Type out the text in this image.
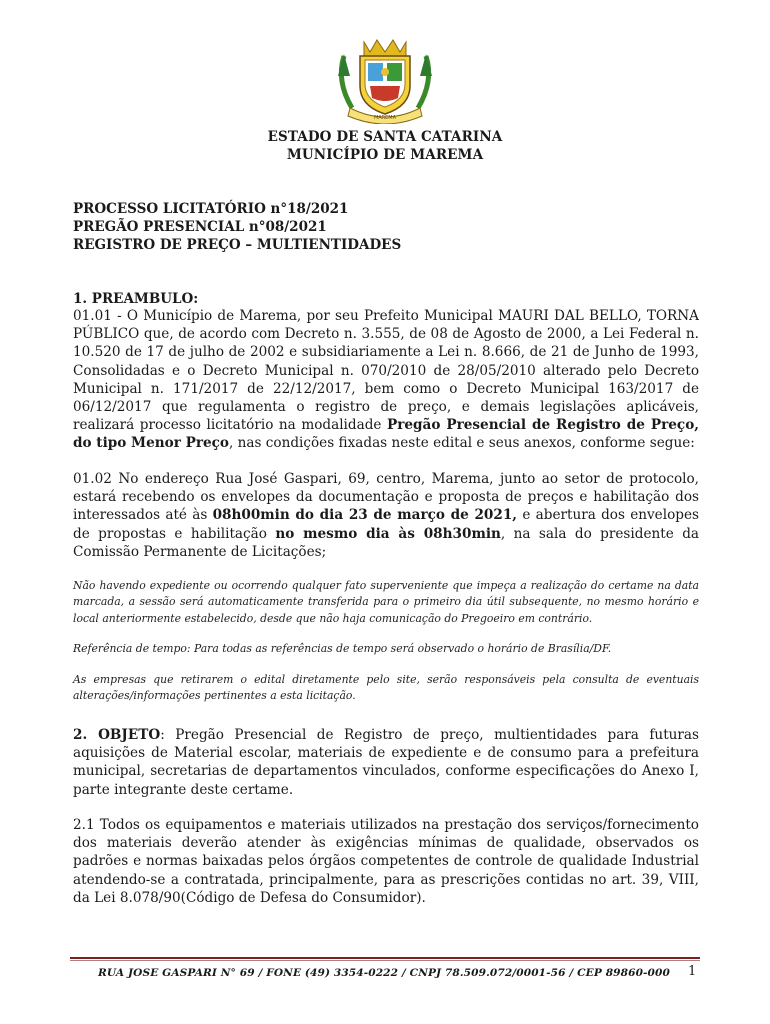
MAREMA
ESTADO DE SANTA CATARINA
MUNICÍPIO DE MAREMA
PROCESSO LICITATÓRIO n°18/2021
PREGÃO PRESENCIAL n°08/2021
REGISTRO DE PREÇO – MULTIENTIDADES
1. PREAMBULO:
01.01 - O Município de Marema, por seu Prefeito Municipal MAURI DAL BELLO, TORNA PÚBLICO que, de acordo com Decreto n. 3.555, de 08 de Agosto de 2000, a Lei Federal n. 10.520 de 17 de julho de 2002 e subsidiariamente a Lei n. 8.666, de 21 de Junho de 1993, Consolidadas e o Decreto Municipal n. 070/2010 de 28/05/2010 alterado pelo Decreto Municipal n. 171/2017 de 22/12/2017, bem como o Decreto Municipal 163/2017 de 06/12/2017 que regulamenta o registro de preço, e demais legislações aplicáveis, realizará processo licitatório na modalidade Pregão Presencial de Registro de Preço, do tipo Menor Preço, nas condições fixadas neste edital e seus anexos, conforme segue:
01.02 No endereço Rua José Gaspari, 69, centro, Marema, junto ao setor de protocolo, estará recebendo os envelopes da documentação e proposta de preços e habilitação dos interessados até às 08h00min do dia 23 de março de 2021, e abertura dos envelopes de propostas e habilitação no mesmo dia às 08h30min, na sala do presidente da Comissão Permanente de Licitações;
Não havendo expediente ou ocorrendo qualquer fato superveniente que impeça a realização do certame na data marcada, a sessão será automaticamente transferida para o primeiro dia útil subsequente, no mesmo horário e local anteriormente estabelecido, desde que não haja comunicação do Pregoeiro em contrário.
Referência de tempo: Para todas as referências de tempo será observado o horário de Brasília/DF.
As empresas que retirarem o edital diretamente pelo site, serão responsáveis pela consulta de eventuais alterações/informações pertinentes a esta licitação.
2. OBJETO: Pregão Presencial de Registro de preço, multientidades para futuras aquisições de Material escolar, materiais de expediente e de consumo para a prefeitura municipal, secretarias de departamentos vinculados, conforme especificações do Anexo I, parte integrante deste certame.
2.1 Todos os equipamentos e materiais utilizados na prestação dos serviços/fornecimento dos materiais deverão atender às exigências mínimas de qualidade, observados os padrões e normas baixadas pelos órgãos competentes de controle de qualidade Industrial atendendo-se a contratada, principalmente, para as prescrições contidas no art. 39, VIII, da Lei 8.078/90(Código de Defesa do Consumidor).
RUA JOSE GASPARI N° 69 / FONE (49) 3354-0222 / CNPJ 78.509.072/0001-56 / CEP 89860-000 1
